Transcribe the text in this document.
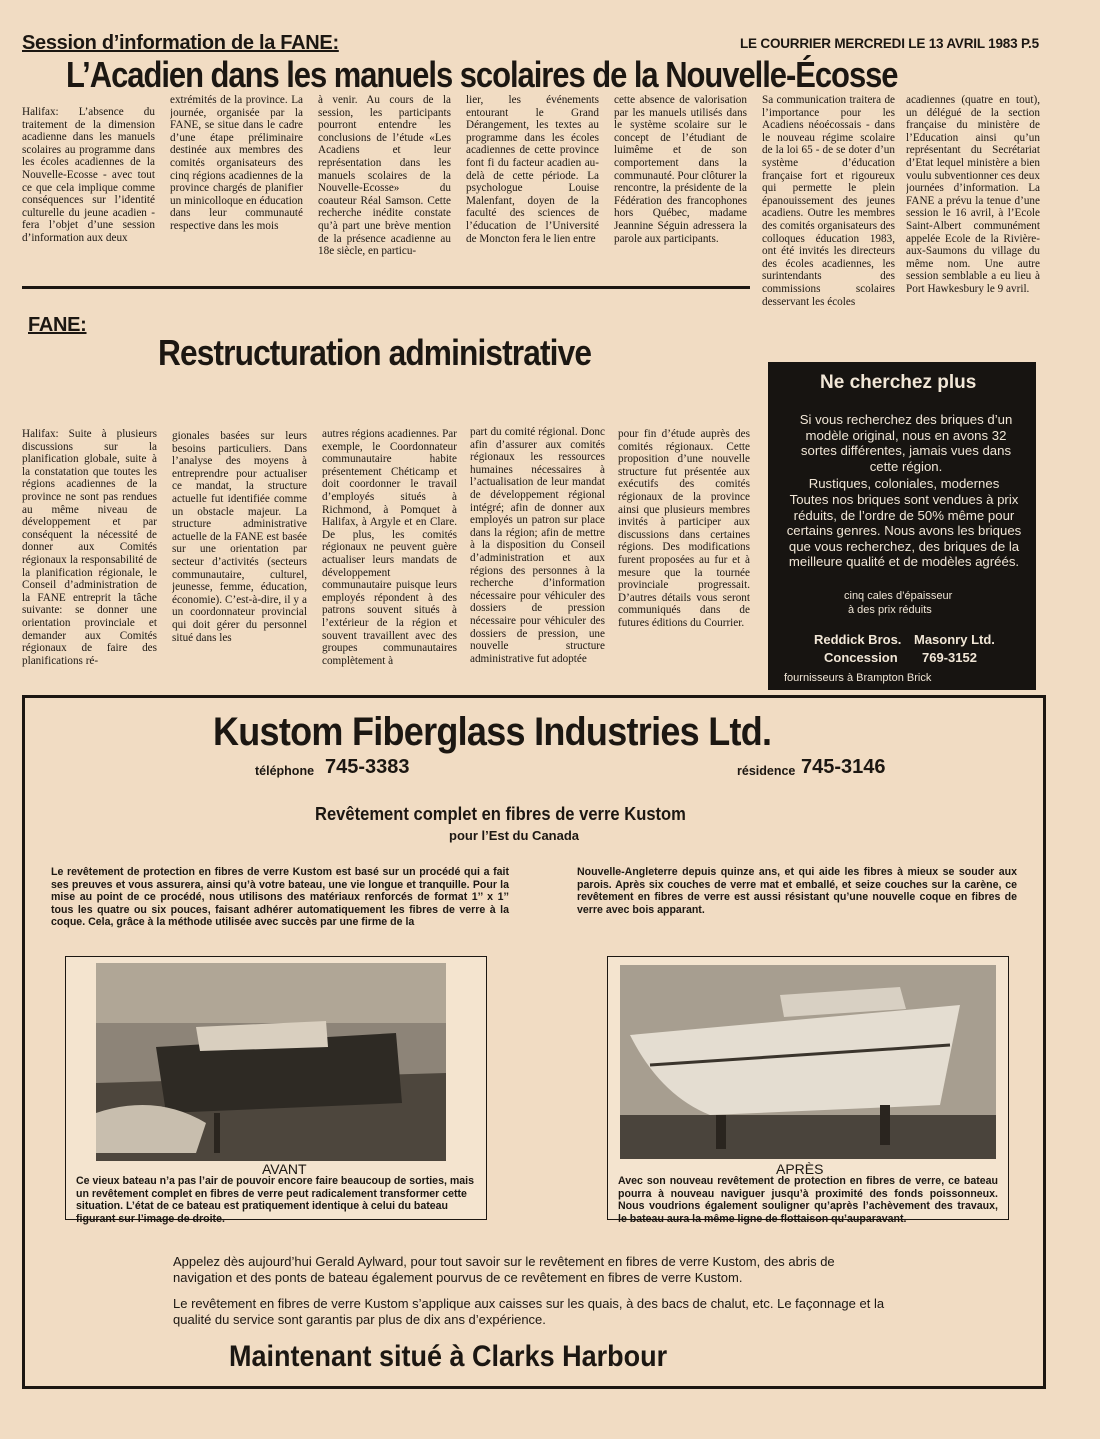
Session d’information de la FANE:	LE COURRIER MERCREDI LE 13 AVRIL 1983 P.5
L’Acadien dans les manuels scolaires de la Nouvelle-Écosse

Halifax: L’absence du traitement de la dimension acadienne dans les manuels scolaires au programme dans les écoles acadiennes de la Nouvelle-Ecosse - avec tout ce que cela implique comme conséquences sur l’identité culturelle du jeune acadien - fera l’objet d’une session d’information aux deux

extrémités de la province. La journée, organisée par la FANE, se situe dans le cadre d’une étape préliminaire destinée aux membres des comités organisateurs des cinq régions acadiennes de la province chargés de planifier un minicolloque en éducation dans leur communauté respective dans les mois

à venir. Au cours de la session, les participants pourront entendre les conclusions de l’étude «Les Acadiens et leur représentation dans les manuels scolaires de la Nouvelle-Ecosse» du coauteur Réal Samson. Cette recherche inédite constate qu’à part une brève mention de la présence acadienne au 18e siècle, en particu-

lier, les événements entourant le Grand Dérangement, les textes au programme dans les écoles acadiennes de cette province font fi du facteur acadien au-delà de cette période. La psychologue Louise Malenfant, doyen de la faculté des sciences de l’éducation de l’Université de Moncton fera le lien entre

cette absence de valorisation par les manuels utilisés dans le système scolaire sur le concept de l’étudiant de luimême et de son comportement dans la communauté. Pour clôturer la rencontre, la présidente de la Fédération des francophones hors Québec, madame Jeannine Séguin adressera la parole aux participants.

Sa communication traitera de l’importance pour les Acadiens néoécossais - dans le nouveau régime scolaire de la loi 65 - de se doter d’un système d’éducation française fort et rigoureux qui permette le plein épanouissement des jeunes acadiens. Outre les membres des comités organisateurs des colloques éducation 1983, ont été invités les directeurs des écoles acadiennes, les surintendants des commissions scolaires desservant les écoles

acadiennes (quatre en tout), un délégué de la section française du ministère de l’Education ainsi qu’un représentant du Secrétariat d’Etat lequel ministère a bien voulu subventionner ces deux journées d’information. La FANE a prévu la tenue d’une session le 16 avril, à l’Ecole Saint-Albert communément appelée Ecole de la Rivière-aux-Saumons du village du même nom. Une autre session semblable a eu lieu à Port Hawkesbury le 9 avril.

FANE:
Restructuration administrative

Halifax: Suite à plusieurs discussions sur la planification globale, suite à la constatation que toutes les régions acadiennes de la province ne sont pas rendues au même niveau de développement et par conséquent la nécessité de donner aux Comités régionaux la responsabilité de la planification régionale, le Conseil d’administration de la FANE entreprit la tâche suivante: se donner une orientation provinciale et demander aux Comités régionaux de faire des planifications ré-

gionales basées sur leurs besoins particuliers. Dans l’analyse des moyens à entreprendre pour actualiser ce mandat, la structure actuelle fut identifiée comme un obstacle majeur. La structure administrative actuelle de la FANE est basée sur une orientation par secteur d’activités (secteurs communautaire, culturel, jeunesse, femme, éducation, économie). C’est-à-dire, il y a un coordonnateur provincial qui doit gérer du personnel situé dans les

autres régions acadiennes. Par exemple, le Coordonnateur communautaire habite présentement Chéticamp et doit coordonner le travail d’employés situés à Richmond, à Pomquet à Halifax, à Argyle et en Clare. De plus, les comités régionaux ne peuvent guère actualiser leurs mandats de développement communautaire puisque leurs employés répondent à des patrons souvent situés à l’extérieur de la région et souvent travaillent avec des groupes communautaires complètement à

part du comité régional. Donc afin d’assurer aux comités régionaux les ressources humaines nécessaires à l’actualisation de leur mandat de développement régional intégré; afin de donner aux employés un patron sur place dans la région; afin de mettre à la disposition du Conseil d’administration et aux régions des personnes à la recherche d’information nécessaire pour véhiculer des dossiers de pression nécessaire pour véhiculer des dossiers de pression, une nouvelle structure administrative fut adoptée

pour fin d’étude auprès des comités régionaux. Cette proposition d’une nouvelle structure fut présentée aux exécutifs des comités régionaux de la province ainsi que plusieurs membres invités à participer aux discussions dans certaines régions. Des modifications furent proposées au fur et à mesure que la tournée provinciale progressait. D’autres détails vous seront communiqués dans de futures éditions du Courrier.

Ne cherchez plus
Si vous recherchez des briques d’un modèle original, nous en avons 32 sortes différentes, jamais vues dans cette région.
Rustiques, coloniales, modernes
Toutes nos briques sont vendues à prix réduits, de l’ordre de 50% même pour certains genres. Nous avons les briques que vous recherchez, des briques de la meilleure qualité et de modèles agréés.
cinq cales d’épaisseur
à des prix réduits
Reddick Bros. Masonry Ltd.
Concession 769-3152
fournisseurs à Brampton Brick
Kustom Fiberglass Industries Ltd.
téléphone 745-3383	résidence 745-3146
Revêtement complet en fibres de verre Kustom
pour l’Est du Canada
Le revêtement de protection en fibres de verre Kustom est basé sur un procédé qui a fait ses preuves et vous assurera, ainsi qu’à votre bateau, une vie longue et tranquille. Pour la mise au point de ce procédé, nous utilisons des matériaux renforcés de format 1’’ x 1’’ tous les quatre ou six pouces, faisant adhérer automatiquement les fibres de verre à la coque. Cela, grâce à la méthode utilisée avec succès par une firme de la
Nouvelle-Angleterre depuis quinze ans, et qui aide les fibres à mieux se souder aux parois. Après six couches de verre mat et emballé, et seize couches sur la carène, ce revêtement en fibres de verre est aussi résistant qu’une nouvelle coque en fibres de verre avec bois apparant.
AVANT
Ce vieux bateau n’a pas l’air de pouvoir encore faire beaucoup de sorties, mais un revêtement complet en fibres de verre peut radicalement transformer cette situation. L’état de ce bateau est pratiquement identique à celui du bateau figurant sur l’image de droite.
APRÈS
Avec son nouveau revêtement de protection en fibres de verre, ce bateau pourra à nouveau naviguer jusqu’à proximité des fonds poissonneux. Nous voudrions également souligner qu’après l’achèvement des travaux, le bateau aura la même ligne de flottaison qu’auparavant.
Appelez dès aujourd’hui Gerald Aylward, pour tout savoir sur le revêtement en fibres de verre Kustom, des abris de navigation et des ponts de bateau également pourvus de ce revêtement en fibres de verre Kustom.
Le revêtement en fibres de verre Kustom s’applique aux caisses sur les quais, à des bacs de chalut, etc. Le façonnage et la qualité du service sont garantis par plus de dix ans d’expérience.
Maintenant situé à Clarks Harbour
